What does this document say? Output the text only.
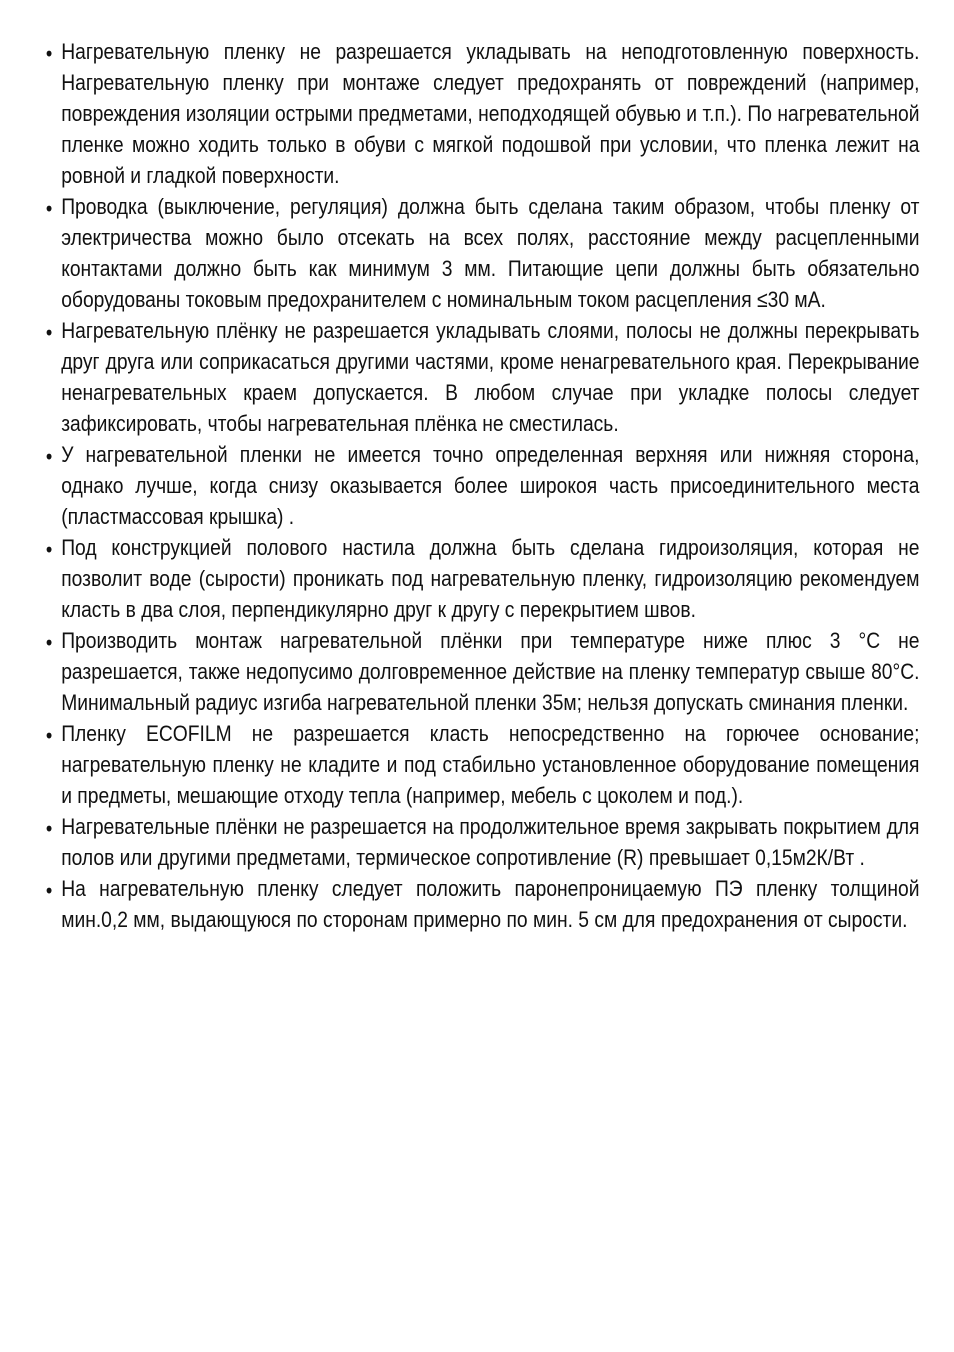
• Нагревательную пленку не разрешается укладывать на неподготовленную поверхность. Нагревательную пленку при монтаже следует предохранять от повреждений (например, повреждения изоляции острыми предметами, неподходящей обувью и т.п.). По нагревательной пленке можно ходить только в обуви с мягкой подошвой при условии, что пленка лежит на ровной и гладкой поверхности.
• Проводка (выключение, регуляция) должна быть сделана таким образом, чтобы пленку от электричества можно было отсекать на всех полях, расстояние между расцепленными контактами должно быть как минимум 3 мм. Питающие цепи должны быть обязательно оборудованы токовым предохранителем с номинальным током расцепления ≤30 мА.
• Нагревательную плёнку не разрешается укладывать слоями, полосы не должны перекрывать друг друга или соприкасаться другими частями, кроме ненагревательного края. Перекрывание ненагревательных краем допускается. В любом случае при укладке полосы следует зафиксировать, чтобы нагревательная плёнка не сместилась.
• У нагревательной пленки не имеется точно определенная верхняя или нижняя сторона, однако лучше, когда снизу оказывается более широкоя часть присоединительного места (пластмассовая крышка) .
• Под конструкцией полового настила должна быть сделана гидроизоляция, которая не позволит воде (сырости) проникать под нагревательную пленку, гидроизоляцию рекомендуем класть в два слоя, перпендикулярно друг к другу с перекрытием швов.
• Производить монтаж нагревательной плёнки при температуре ниже плюс 3 °С не разрешается, также недопусимо долговременное действие на пленку температур свыше 80°С. Минимальный радиус изгиба нагревательной пленки 35м; нельзя допускать сминания пленки.
• Пленку ECOFILM не разрешается класть непосредственно на горючее основание; нагревательную пленку не кладите и под стабильно установленное оборудование помещения и предметы, мешающие отходу тепла (например, мебель с цоколем и под.).
• Нагревательные плёнки не разрешается на продолжительное время закрывать покрытием для полов или другими предметами, термическое сопротивление (R) превышает 0,15м2К/Вт .
• На нагревательную пленку следует положить паронепроницаемую ПЭ пленку толщиной мин.0,2 мм, выдающуюся по сторонам примерно по мин. 5 см для предохранения от сырости.
